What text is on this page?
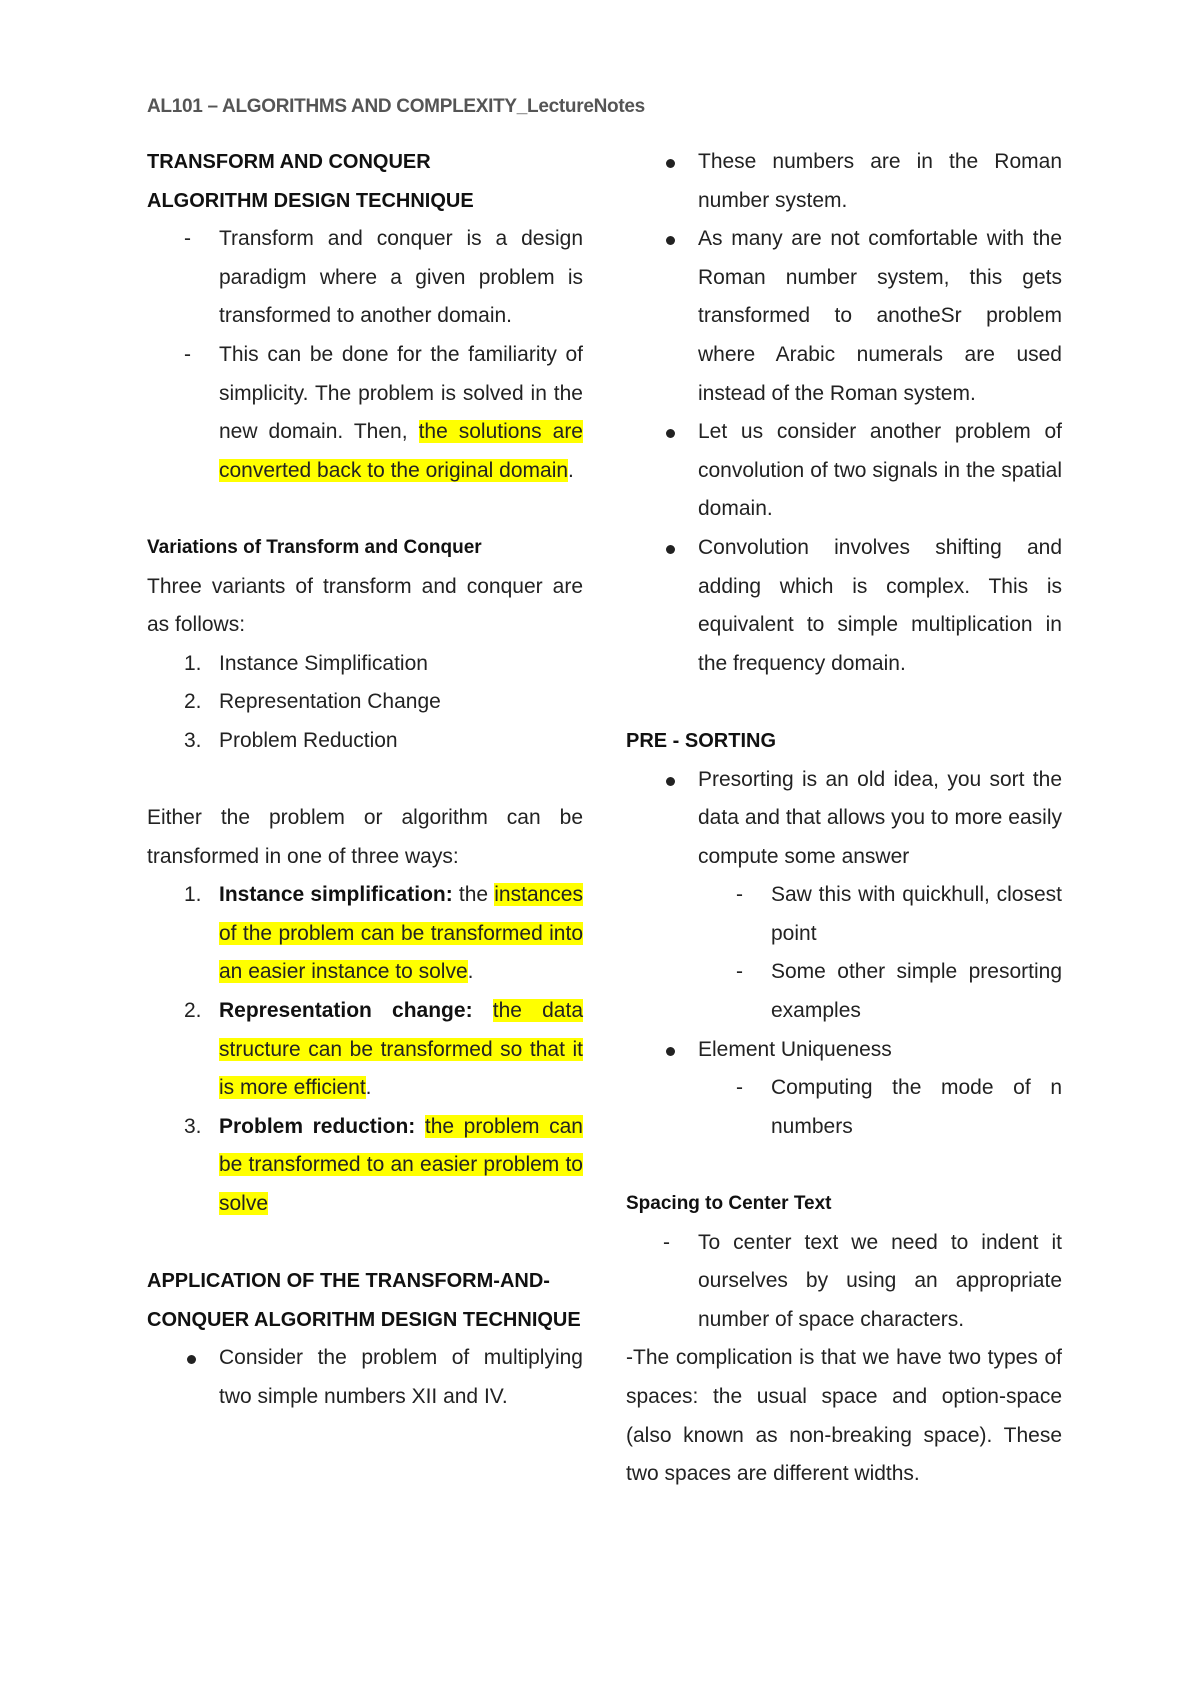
AL101 – ALGORITHMS AND COMPLEXITY_LectureNotes
TRANSFORM AND CONQUER
ALGORITHM DESIGN TECHNIQUE
-	Transform and conquer is a design paradigm where a given problem is transformed to another domain.
-	This can be done for the familiarity of simplicity. The problem is solved in the new domain. Then, the solutions are converted back to the original domain.
Variations of Transform and Conquer
Three variants of transform and conquer are as follows:
1. Instance Simplification
2. Representation Change
3. Problem Reduction
Either the problem or algorithm can be transformed in one of three ways:
1. Instance simplification: the instances of the problem can be transformed into an easier instance to solve.
2. Representation change: the data structure can be transformed so that it is more efficient.
3. Problem reduction: the problem can be transformed to an easier problem to solve
APPLICATION OF THE TRANSFORM-AND-CONQUER ALGORITHM DESIGN TECHNIQUE
Consider the problem of multiplying two simple numbers XII and IV.
These numbers are in the Roman number system.
As many are not comfortable with the Roman number system, this gets transformed to anotheSr problem where Arabic numerals are used instead of the Roman system.
Let us consider another problem of convolution of two signals in the spatial domain.
Convolution involves shifting and adding which is complex. This is equivalent to simple multiplication in the frequency domain.
PRE - SORTING
Presorting is an old idea, you sort the data and that allows you to more easily compute some answer
-	Saw this with quickhull, closest point
-	Some other simple presorting examples
Element Uniqueness
-	Computing the mode of n numbers
Spacing to Center Text
-	To center text we need to indent it ourselves by using an appropriate number of space characters.
-The complication is that we have two types of spaces: the usual space and option-space (also known as non-breaking space). These two spaces are different widths.
